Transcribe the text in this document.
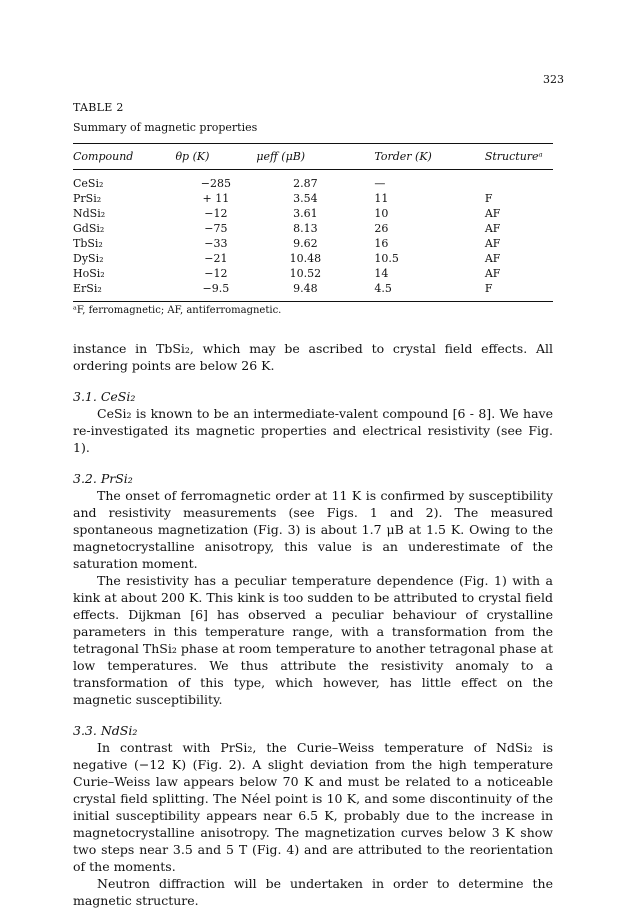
323
TABLE 2
Summary of magnetic properties
Compound	θp (K)	μeff (μB)	Torder (K)	Structureᵃ
CeSi₂	−285	2.87	—	
PrSi₂	+ 11	3.54	11	F
NdSi₂	−12	3.61	10	AF
GdSi₂	−75	8.13	26	AF
TbSi₂	−33	9.62	16	AF
DySi₂	−21	10.48	10.5	AF
HoSi₂	−12	10.52	14	AF
ErSi₂	−9.5	9.48	4.5	F
ᵃF, ferromagnetic; AF, antiferromagnetic.

instance in TbSi₂, which may be ascribed to crystal field effects. All ordering points are below 26 K.

3.1. CeSi₂

CeSi₂ is known to be an intermediate-valent compound [6 - 8]. We have re-investigated its magnetic properties and electrical resistivity (see Fig. 1).

3.2. PrSi₂

The onset of ferromagnetic order at 11 K is confirmed by susceptibility and resistivity measurements (see Figs. 1 and 2). The measured spontaneous magnetization (Fig. 3) is about 1.7 μB at 1.5 K. Owing to the magnetocrystalline anisotropy, this value is an underestimate of the saturation moment.

The resistivity has a peculiar temperature dependence (Fig. 1) with a kink at about 200 K. This kink is too sudden to be attributed to crystal field effects. Dijkman [6] has observed a peculiar behaviour of crystalline parameters in this temperature range, with a transformation from the tetragonal ThSi₂ phase at room temperature to another tetragonal phase at low temperatures. We thus attribute the resistivity anomaly to a transformation of this type, which however, has little effect on the magnetic susceptibility.

3.3. NdSi₂

In contrast with PrSi₂, the Curie–Weiss temperature of NdSi₂ is negative (−12 K) (Fig. 2). A slight deviation from the high temperature Curie–Weiss law appears below 70 K and must be related to a noticeable crystal field splitting. The Néel point is 10 K, and some discontinuity of the initial susceptibility appears near 6.5 K, probably due to the increase in magnetocrystalline anisotropy. The magnetization curves below 3 K show two steps near 3.5 and 5 T (Fig. 4) and are attributed to the reorientation of the moments.

Neutron diffraction will be undertaken in order to determine the magnetic structure.
